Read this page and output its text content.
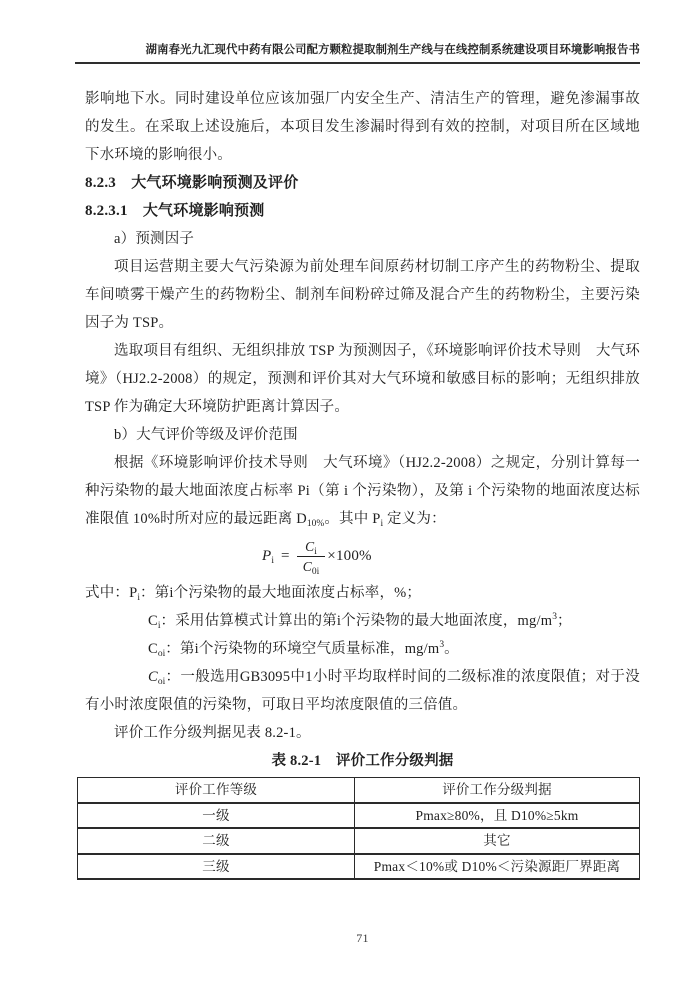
湖南春光九汇现代中药有限公司配方颗粒提取制剂生产线与在线控制系统建设项目环境影响报告书

影响地下水。同时建设单位应该加强厂内安全生产、清洁生产的管理，避免渗漏事故的发生。在采取上述设施后，本项目发生渗漏时得到有效的控制，对项目所在区域地下水环境的影响很小。

8.2.3　大气环境影响预测及评价

8.2.3.1　大气环境影响预测

a）预测因子

项目运营期主要大气污染源为前处理车间原药材切制工序产生的药物粉尘、提取车间喷雾干燥产生的药物粉尘、制剂车间粉碎过筛及混合产生的药物粉尘，主要污染因子为 TSP。

选取项目有组织、无组织排放 TSP 为预测因子，《环境影响评价技术导则　大气环境》（HJ2.2-2008）的规定，预测和评价其对大气环境和敏感目标的影响；无组织排放 TSP 作为确定大环境防护距离计算因子。

b）大气评价等级及评价范围

根据《环境影响评价技术导则　大气环境》（HJ2.2-2008）之规定，分别计算每一种污染物的最大地面浓度占标率 Pi（第 i 个污染物），及第 i 个污染物的地面浓度达标准限值 10%时所对应的最远距离 $D_{10\%}$。其中 $P_i$ 定义为：

$P_i = \frac{C_i}{C_{0i}} \times 100\%$

式中：$P_i$：第i个污染物的最大地面浓度占标率，%；

$C_i$：采用估算模式计算出的第i个污染物的最大地面浓度，$mg/m^3$；

$C_{oi}$：第i个污染物的环境空气质量标准，$mg/m^3$。

$C_{oi}$：一般选用GB3095中1小时平均取样时间的二级标准的浓度限值；对于没有小时浓度限值的污染物，可取日平均浓度限值的三倍值。

评价工作分级判据见表 8.2-1。

表 8.2-1　评价工作分级判据

评价工作等级	评价工作分级判据
一级	Pmax≥80%，且 D10%≥5km
二级	其它
三级	Pmax＜10%或 D10%＜污染源距厂界距离
71
